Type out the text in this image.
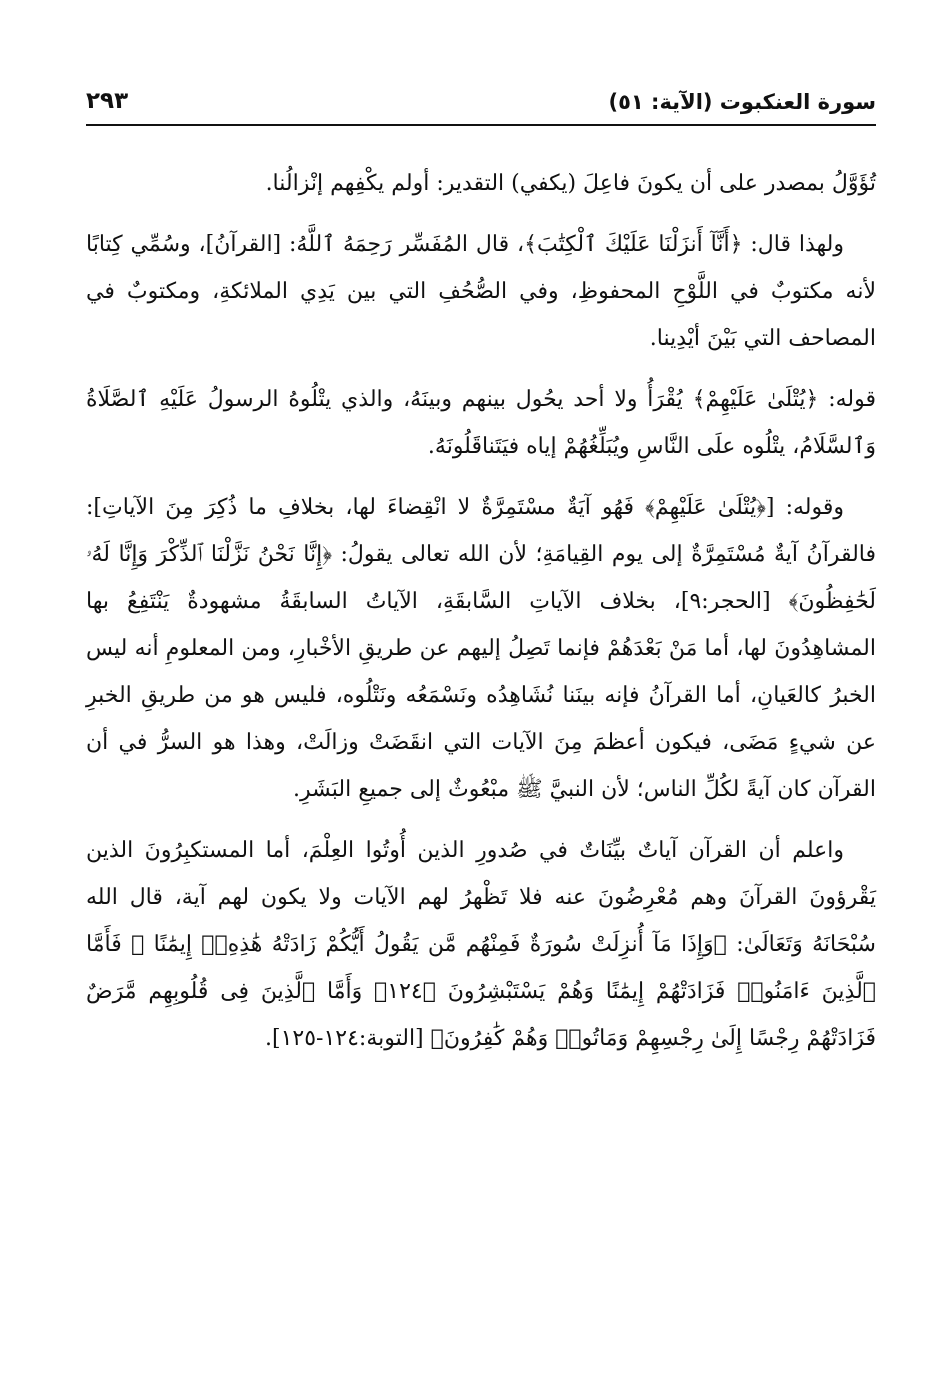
سورة العنكبوت (الآية: ٥١)
٢٩٣

تُؤَوَّلُ بمصدر على أن يكونَ فاعِلَ (يكفي) التقدير: أولم يكْفِهم إنْزالُنا.

ولهذا قال: ﴿أَنَّآ أَنزَلْنَا عَلَيْكَ ٱلْكِتَٰبَ﴾، قال المُفَسِّر رَحِمَهُ ٱللَّهُ: [القرآنُ]، وسُمِّي كِتابًا لأنه مكتوبٌ في اللَّوْحِ المحفوظِ، وفي الصُّحُفِ التي بين يَدِي الملائكةِ، ومكتوبٌ في المصاحف التي بَيْنَ أيْدِينا.

قوله: ﴿يُتْلَىٰ عَلَيْهِمْ﴾ يُقْرَأُ ولا أحد يحُول بينهم وبينَهُ، والذي يتْلُوهُ الرسولُ عَلَيْهِ ٱلصَّلَاةُ وَٱلسَّلَامُ، يتْلُوه علَى النَّاسِ ويُبَلِّغُهُمْ إياه فيَتَناقَلُونَهُ.

وقوله: [﴿يُتْلَىٰ عَلَيْهِمْ﴾ فَهُو آيَةٌ مسْتَمِرَّةٌ لا انْقِضاءَ لها، بخلافِ ما ذُكِرَ مِنَ الآياتِ]: فالقرآنُ آيةٌ مُسْتَمِرَّةٌ إلى يوم القِيامَةِ؛ لأن الله تعالى يقولُ: ﴿إِنَّا نَحْنُ نَزَّلْنَا ٱلذِّكْرَ وَإِنَّا لَهُۥ لَحَٰفِظُونَ﴾ [الحجر:٩]، بخلاف الآياتِ السَّابقَةِ، الآياتُ السابقَةُ مشهودةٌ يَنْتَفِعُ بها المشاهِدُونَ لها، أما مَنْ بَعْدَهُمْ فإنما تَصِلُ إليهم عن طريقِ الأخْبارِ، ومن المعلومِ أنه ليس الخبرُ كالعَيانِ، أما القرآنُ فإنه بينَنا نُشَاهِدُه ونَسْمَعُه ونَتْلُوه، فليس هو من طريقِ الخبرِ عن شيءٍ مَضَى، فيكون أعظمَ مِنَ الآيات التي انقَضَتْ وزالَتْ، وهذا هو السرُّ في أن القرآن كان آيةً لكُلِّ الناس؛ لأن النبيَّ ﷺ مبْعُوثٌ إلى جميعِ البَشَرِ.

واعلم أن القرآن آياتٌ بيِّنَاتٌ في صُدورِ الذين أُوتُوا العِلْمَ، أما المستكبِرُونَ الذين يَقْرؤونَ القرآنَ وهم مُعْرِضُونَ عنه فلا تَظْهرُ لهم الآيات ولا يكون لهم آية، قال الله سُبْحَانَهُ وَتَعَالَىٰ: ﴿وَإِذَا مَآ أُنزِلَتْ سُورَةٌ فَمِنْهُم مَّن يَقُولُ أَيُّكُمْ زَادَتْهُ هَٰذِهِۦٓ إِيمَٰنًا ۚ فَأَمَّا ٱلَّذِينَ ءَامَنُوا۟ فَزَادَتْهُمْ إِيمَٰنًا وَهُمْ يَسْتَبْشِرُونَ ﴿١٢٤﴾ وَأَمَّا ٱلَّذِينَ فِى قُلُوبِهِم مَّرَضٌ فَزَادَتْهُمْ رِجْسًا إِلَىٰ رِجْسِهِمْ وَمَاتُوا۟ وَهُمْ كَٰفِرُونَ﴾ [التوبة:١٢٤-١٢٥].
